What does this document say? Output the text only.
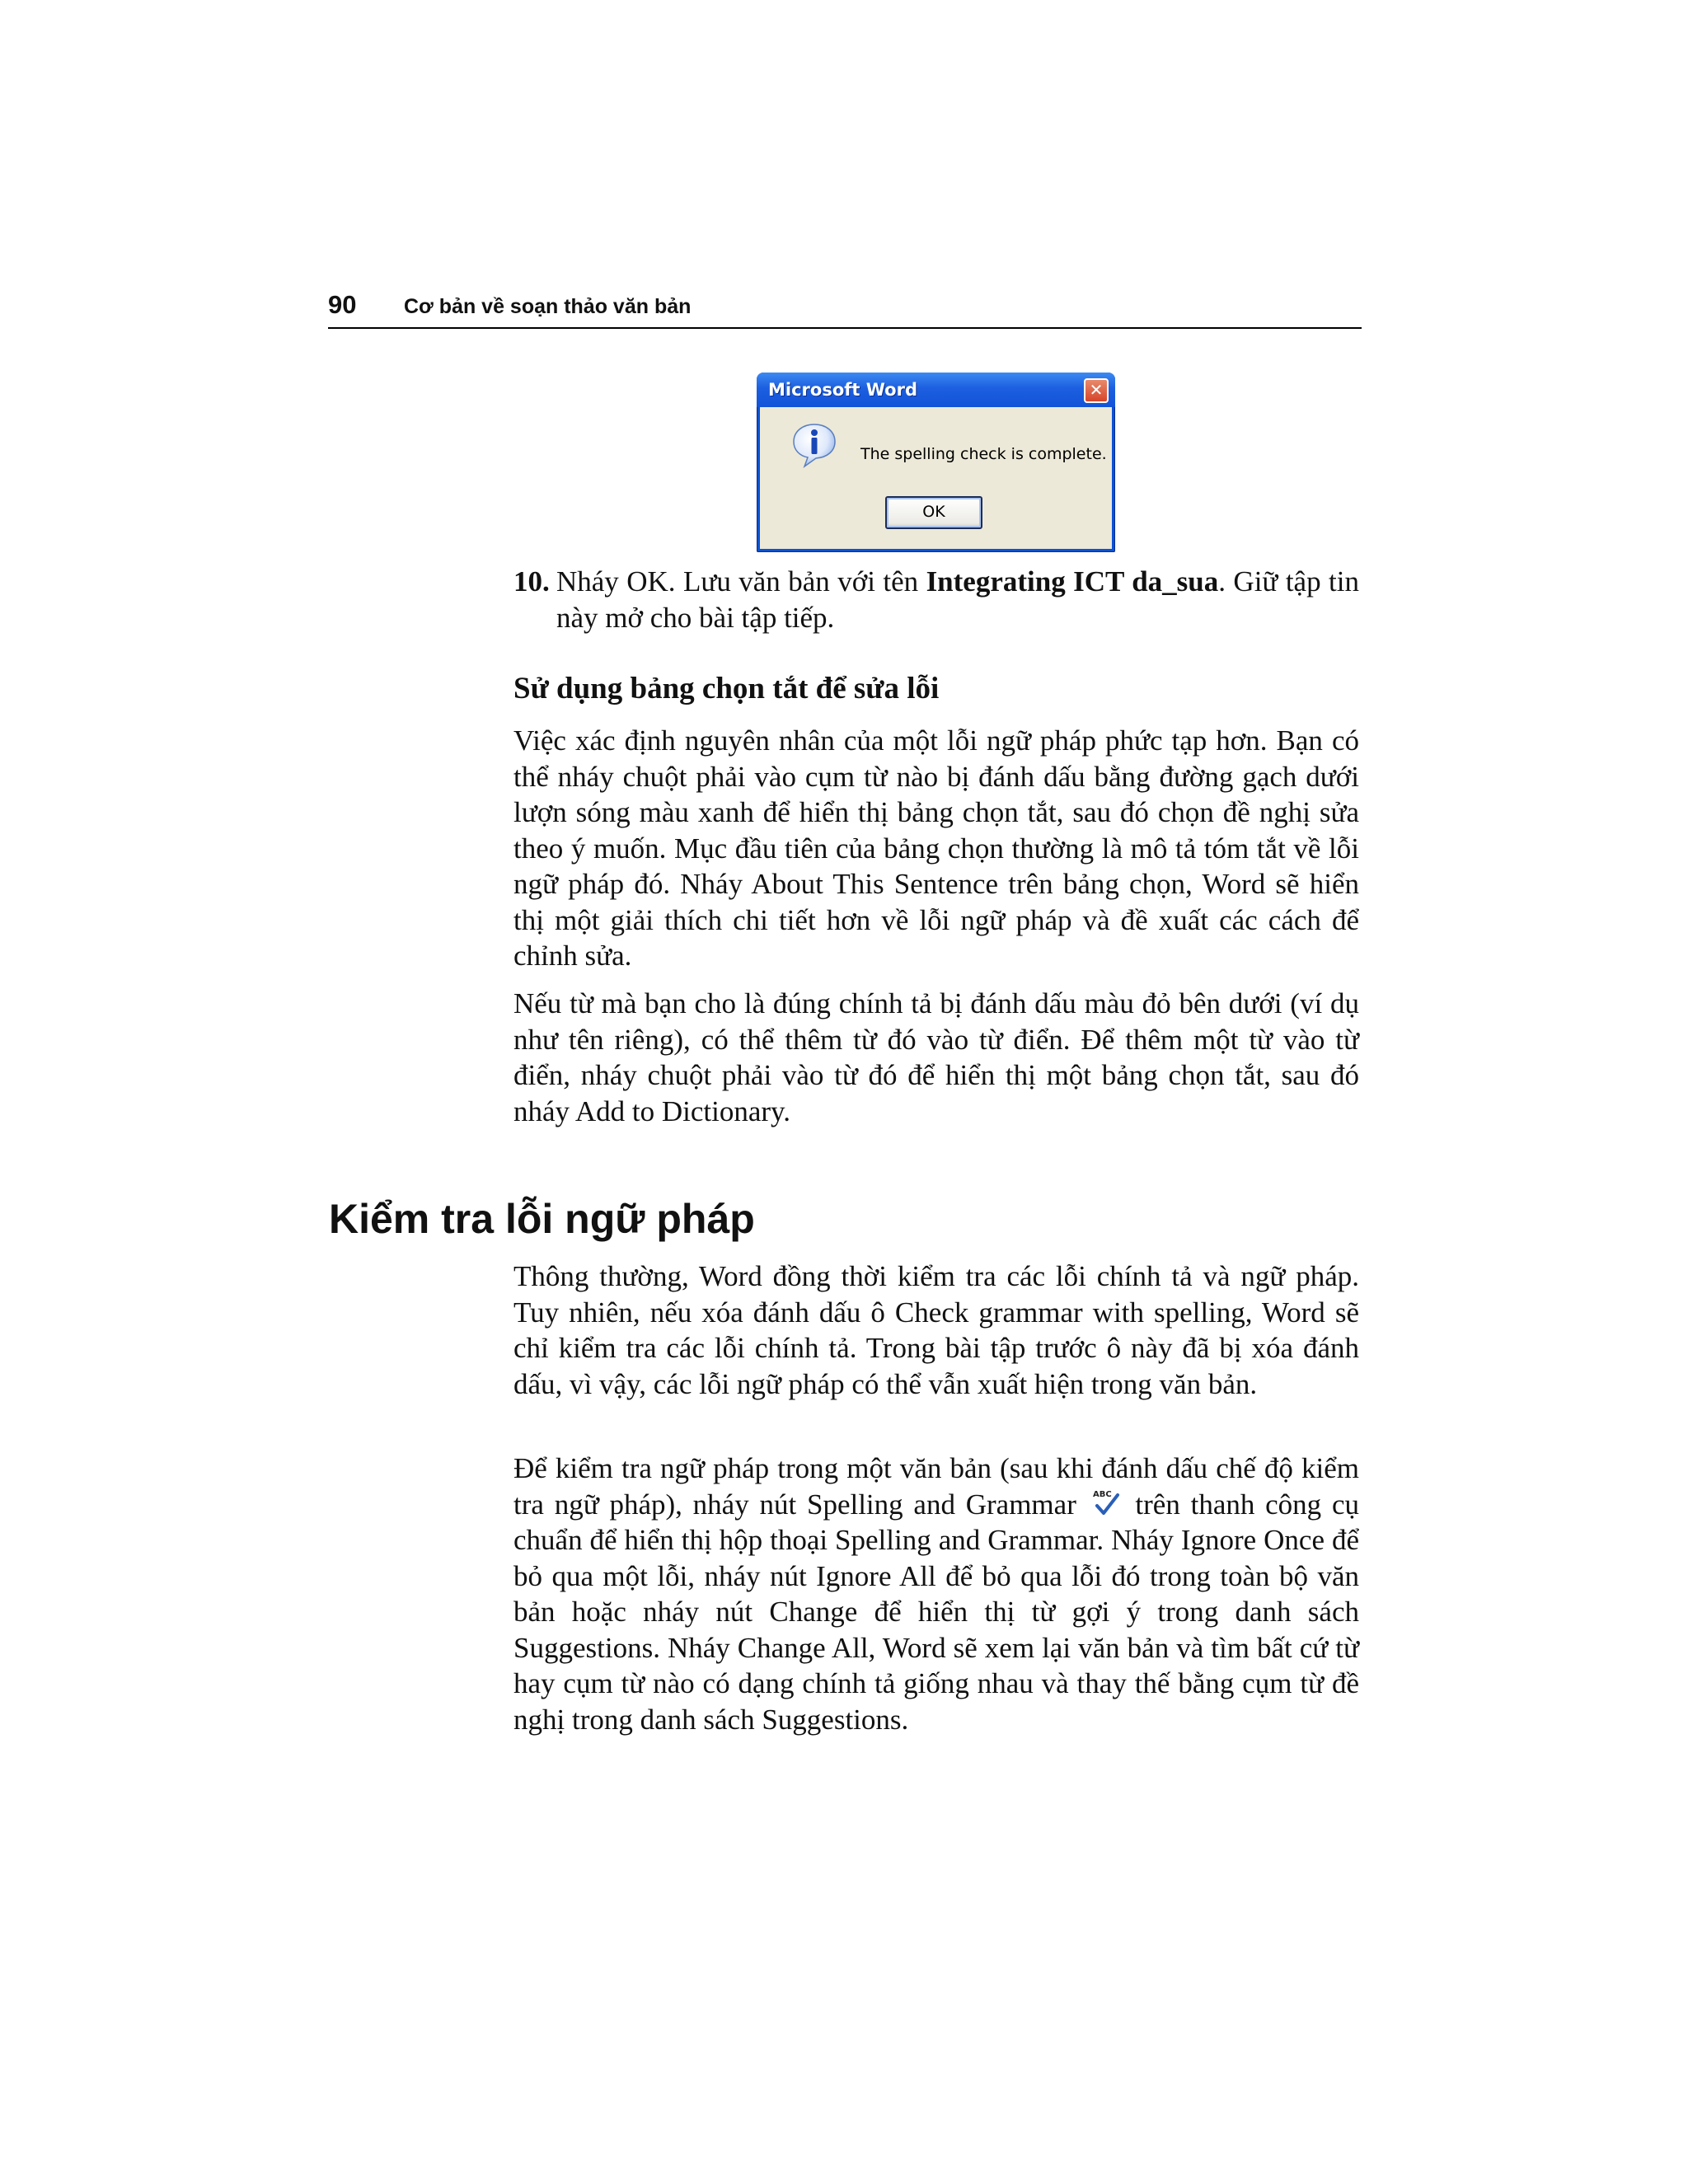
90 Cơ bản về soạn thảo văn bản
Microsoft Word	✕
The spelling check is complete.
OK
10. Nháy OK. Lưu văn bản với tên Integrating ICT da_sua. Giữ tập tin này mở cho bài tập tiếp.
Sử dụng bảng chọn tắt để sửa lỗi

Việc xác định nguyên nhân của một lỗi ngữ pháp phức tạp hơn. Bạn có thể nháy chuột phải vào cụm từ nào bị đánh dấu bằng đường gạch dưới lượn sóng màu xanh để hiển thị bảng chọn tắt, sau đó chọn đề nghị sửa theo ý muốn. Mục đầu tiên của bảng chọn thường là mô tả tóm tắt về lỗi ngữ pháp đó. Nháy About This Sentence trên bảng chọn, Word sẽ hiển thị một giải thích chi tiết hơn về lỗi ngữ pháp và đề xuất các cách để chỉnh sửa.

Nếu từ mà bạn cho là đúng chính tả bị đánh dấu màu đỏ bên dưới (ví dụ như tên riêng), có thể thêm từ đó vào từ điển. Để thêm một từ vào từ điển, nháy chuột phải vào từ đó để hiển thị một bảng chọn tắt, sau đó nháy Add to Dictionary.

Kiểm tra lỗi ngữ pháp

Thông thường, Word đồng thời kiểm tra các lỗi chính tả và ngữ pháp. Tuy nhiên, nếu xóa đánh dấu ô Check grammar with spelling, Word sẽ chỉ kiểm tra các lỗi chính tả. Trong bài tập trước ô này đã bị xóa đánh dấu, vì vậy, các lỗi ngữ pháp có thể vẫn xuất hiện trong văn bản.

Để kiểm tra ngữ pháp trong một văn bản (sau khi đánh dấu chế độ kiểm tra ngữ pháp), nháy nút Spelling and Grammar ABC trên thanh công cụ chuẩn để hiển thị hộp thoại Spelling and Grammar. Nháy Ignore Once để bỏ qua một lỗi, nháy nút Ignore All để bỏ qua lỗi đó trong toàn bộ văn bản hoặc nháy nút Change để hiển thị từ gợi ý trong danh sách Suggestions. Nháy Change All, Word sẽ xem lại văn bản và tìm bất cứ từ hay cụm từ nào có dạng chính tả giống nhau và thay thế bằng cụm từ đề nghị trong danh sách Suggestions.
